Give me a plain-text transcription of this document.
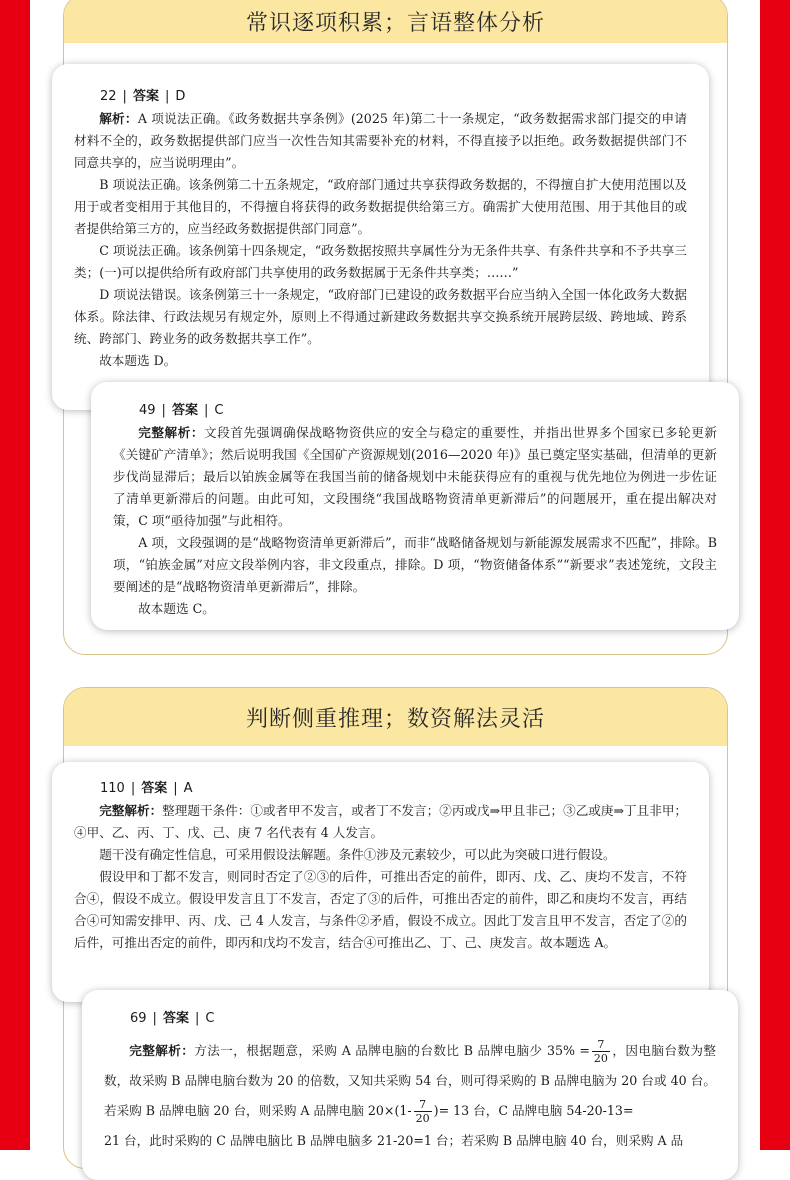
常识逐项积累；言语整体分析
22 | 答案 | D

解析：A 项说法正确。《政务数据共享条例》(2025 年)第二十一条规定，“政务数据需求部门提交的申请材料不全的，政务数据提供部门应当一次性告知其需要补充的材料，不得直接予以拒绝。政务数据提供部门不同意共享的，应当说明理由”。

B 项说法正确。该条例第二十五条规定，“政府部门通过共享获得政务数据的，不得擅自扩大使用范围以及用于或者变相用于其他目的，不得擅自将获得的政务数据提供给第三方。确需扩大使用范围、用于其他目的或者提供给第三方的，应当经政务数据提供部门同意”。

C 项说法正确。该条例第十四条规定，“政务数据按照共享属性分为无条件共享、有条件共享和不予共享三类；(一)可以提供给所有政府部门共享使用的政务数据属于无条件共享类；……”

D 项说法错误。该条例第三十一条规定，“政府部门已建设的政务数据平台应当纳入全国一体化政务大数据体系。除法律、行政法规另有规定外，原则上不得通过新建政务数据共享交换系统开展跨层级、跨地域、跨系统、跨部门、跨业务的政务数据共享工作”。

故本题选 D。

49 | 答案 | C

完整解析：文段首先强调确保战略物资供应的安全与稳定的重要性，并指出世界多个国家已多轮更新《关键矿产清单》；然后说明我国《全国矿产资源规划(2016—2020 年)》虽已奠定坚实基础，但清单的更新步伐尚显滞后；最后以铂族金属等在我国当前的储备规划中未能获得应有的重视与优先地位为例进一步佐证了清单更新滞后的问题。由此可知，文段围绕“我国战略物资清单更新滞后”的问题展开，重在提出解决对策，C 项“亟待加强”与此相符。

A 项，文段强调的是“战略物资清单更新滞后”，而非“战略储备规划与新能源发展需求不匹配”，排除。B 项，“铂族金属”对应文段举例内容，非文段重点，排除。D 项，“物资储备体系”“新要求”表述笼统，文段主要阐述的是“战略物资清单更新滞后”，排除。

故本题选 C。

判断侧重推理；数资解法灵活
110 | 答案 | A

完整解析：整理题干条件：①或者甲不发言，或者丁不发言；②丙或戊⇒甲且非己；③乙或庚⇒丁且非甲；④甲、乙、丙、丁、戊、己、庚 7 名代表有 4 人发言。

题干没有确定性信息，可采用假设法解题。条件①涉及元素较少，可以此为突破口进行假设。

假设甲和丁都不发言，则同时否定了②③的后件，可推出否定的前件，即丙、戊、乙、庚均不发言，不符合④，假设不成立。假设甲发言且丁不发言，否定了③的后件，可推出否定的前件，即乙和庚均不发言，再结合④可知需安排甲、丙、戊、己 4 人发言，与条件②矛盾，假设不成立。因此丁发言且甲不发言，否定了②的后件，可推出否定的前件，即丙和戊均不发言，结合④可推出乙、丁、己、庚发言。故本题选 A。

69 | 答案 | C

完整解析：方法一，根据题意，采购 A 品牌电脑的台数比 B 品牌电脑少 $35\% = \frac{7}{20}$ ，因电脑台数为整数，故采购 B 品牌电脑台数为 20 的倍数，又知共采购 54 台，则可得采购的 B 品牌电脑为 20 台或 40 台。若采购 B 品牌电脑 20 台，则采购 A 品牌电脑 $20\times(1- \frac{7}{20}$ )= 13 台，C 品牌电脑 54-20-13=

21 台，此时采购的 C 品牌电脑比 B 品牌电脑多 21-20=1 台；若采购 B 品牌电脑 40 台，则采购 A 品
